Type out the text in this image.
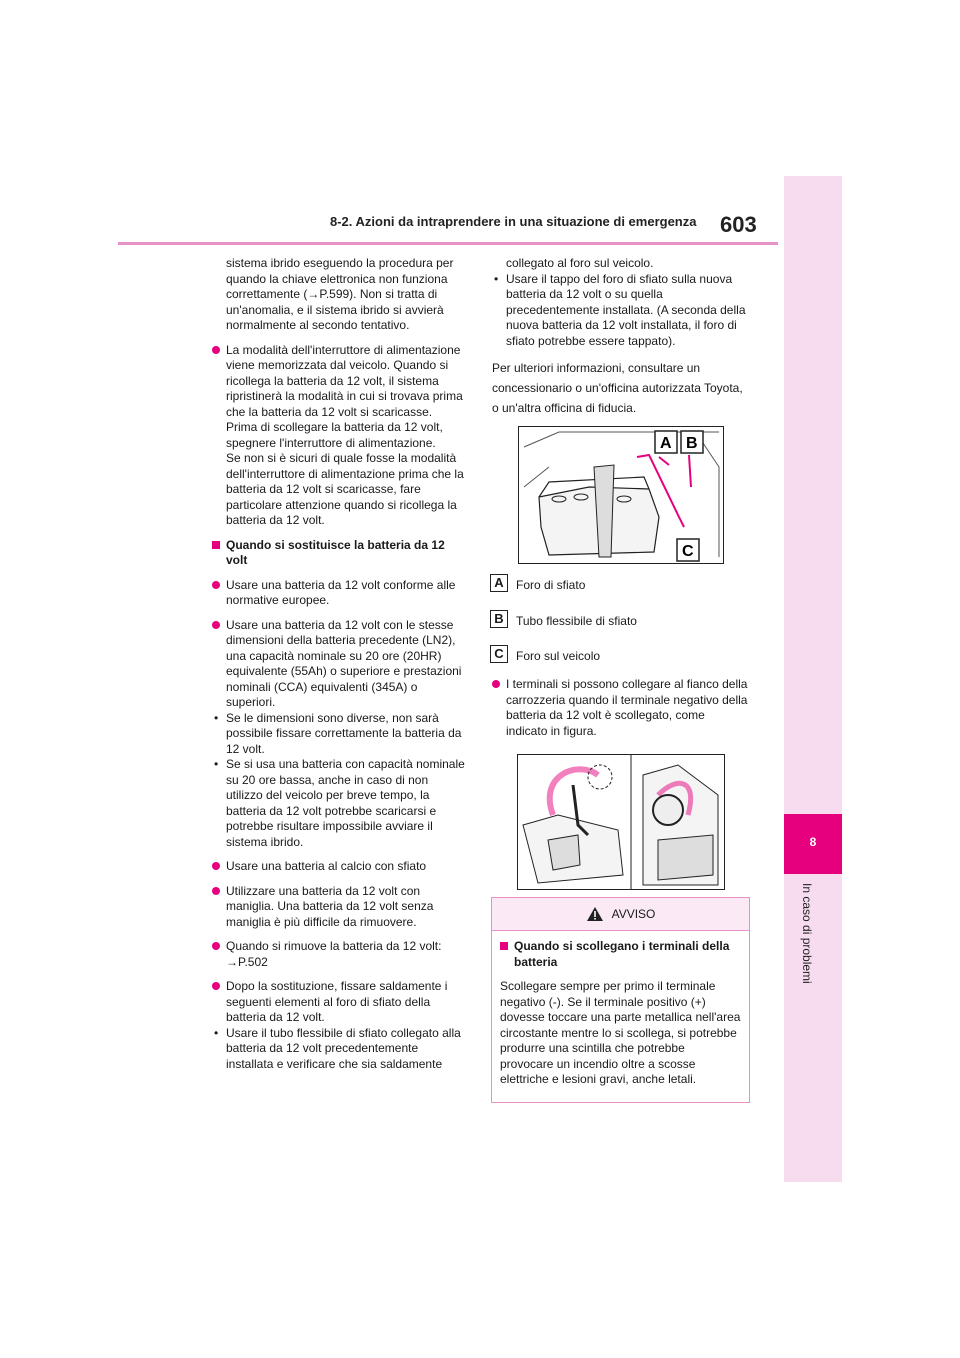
8-2. Azioni da intraprendere in una situazione di emergenza 603
8
In caso di problemi

sistema ibrido eseguendo la procedura per quando la chiave elettronica non funziona correttamente (→P.599). Non si tratta di un'anomalia, e il sistema ibrido si avvierà normalmente al secondo tentativo.

La modalità dell'interruttore di alimentazione viene memorizzata dal veicolo. Quando si ricollega la batteria da 12 volt, il sistema ripristinerà la modalità in cui si trovava prima che la batteria da 12 volt si scaricasse. Prima di scollegare la batteria da 12 volt, spegnere l'interruttore di alimentazione.
Se non si è sicuri di quale fosse la modalità dell'interruttore di alimentazione prima che la batteria da 12 volt si scaricasse, fare particolare attenzione quando si ricollega la batteria da 12 volt.
Quando si sostituisce la batteria da 12 volt
Usare una batteria da 12 volt conforme alle normative europee.
Usare una batteria da 12 volt con le stesse dimensioni della batteria precedente (LN2), una capacità nominale su 20 ore (20HR) equivalente (55Ah) o superiore e prestazioni nominali (CCA) equivalenti (345A) o superiori.
• Se le dimensioni sono diverse, non sarà possibile fissare correttamente la batteria da 12 volt.
• Se si usa una batteria con capacità nominale su 20 ore bassa, anche in caso di non utilizzo del veicolo per breve tempo, la batteria da 12 volt potrebbe scaricarsi e potrebbe risultare impossibile avviare il sistema ibrido.
Usare una batteria al calcio con sfiato
Utilizzare una batteria da 12 volt con maniglia. Una batteria da 12 volt senza maniglia è più difficile da rimuovere.
Quando si rimuove la batteria da 12 volt: →P.502
Dopo la sostituzione, fissare saldamente i seguenti elementi al foro di sfiato della batteria da 12 volt.
• Usare il tubo flessibile di sfiato collegato alla batteria da 12 volt precedentemente installata e verificare che sia saldamente

collegato al foro sul veicolo.

• Usare il tappo del foro di sfiato sulla nuova batteria da 12 volt o su quella precedentemente installata. (A seconda della nuova batteria da 12 volt installata, il foro di sfiato potrebbe essere tappato).

Per ulteriori informazioni, consultare un concessionario o un'officina autorizzata Toyota, o un'altra officina di fiducia.

A B
C
A Foro di sfiato
B Tubo flessibile di sfiato
C Foro sul veicolo
I terminali si possono collegare al fianco della carrozzeria quando il terminale negativo della batteria da 12 volt è scollegato, come indicato in figura.
AVVISO
Quando si scollegano i terminali della batteria

Scollegare sempre per primo il terminale negativo (-). Se il terminale positivo (+) dovesse toccare una parte metallica nell'area circostante mentre lo si scollega, si potrebbe produrre una scintilla che potrebbe provocare un incendio oltre a scosse elettriche e lesioni gravi, anche letali.
